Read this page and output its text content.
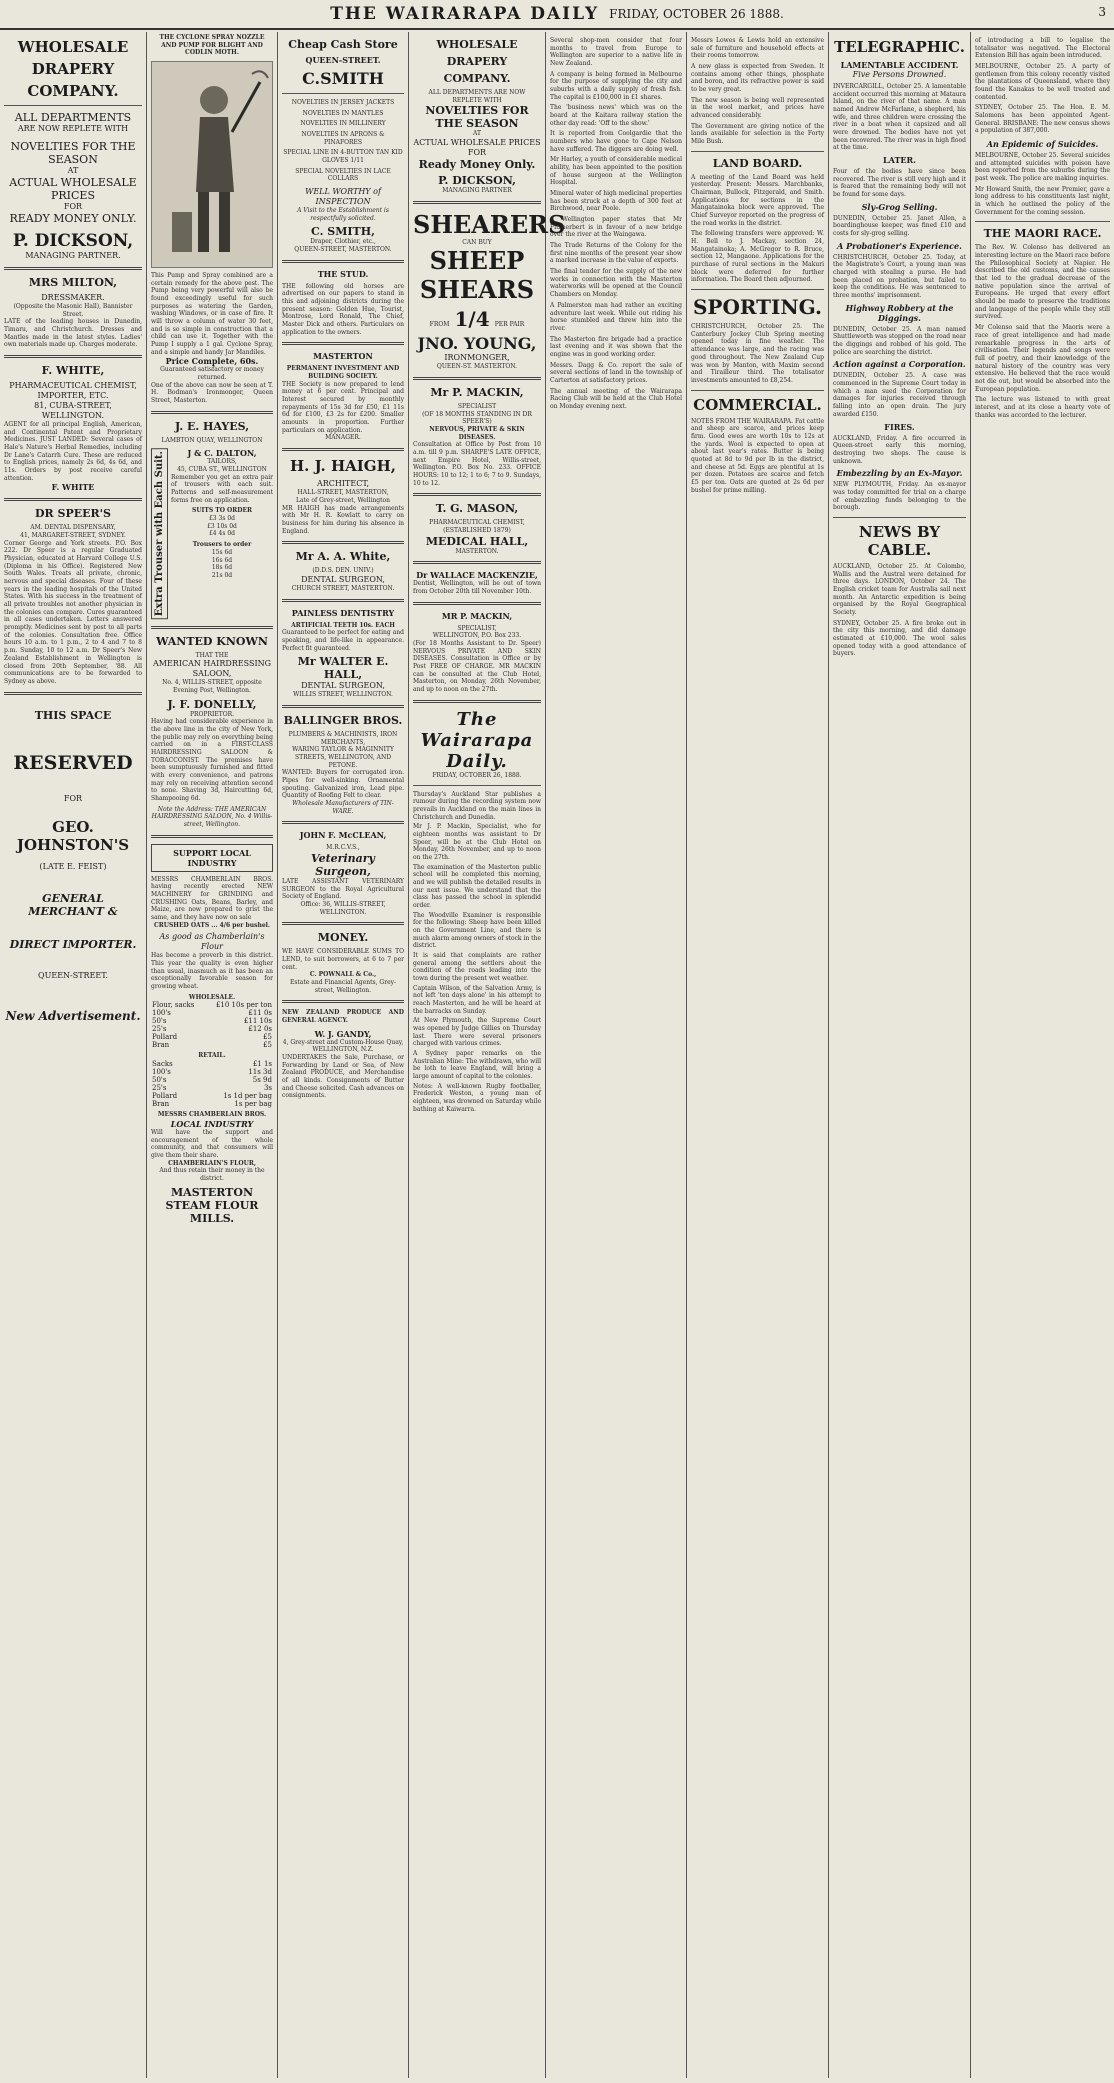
THE WAIRARAPA DAILY FRIDAY, OCTOBER 26 1888.	3
WHOLESALE
DRAPERY
COMPANY.
ALL DEPARTMENTS
ARE NOW REPLETE WITH
NOVELTIES FOR THE
SEASON
AT
ACTUAL WHOLESALE
PRICES
FOR
READY MONEY ONLY.
P. DICKSON,
MANAGING PARTNER.
MRS MILTON,
DRESSMAKER.
(Opposite the Masonic Hall), Bannister Street.
LATE of the leading houses in Dunedin, Timaru, and Christchurch. Dresses and Mantles made in the latest styles. Ladies' own materials made up. Charges moderate.
F. WHITE,
PHARMACEUTICAL CHEMIST,
IMPORTER, ETC.
81, CUBA-STREET, WELLINGTON.
AGENT for all principal English, American, and Continental Patent and Proprietary Medicines. JUST LANDED: Several cases of Hale's Nature's Herbal Remedies, including Dr Lane's Catarrh Cure. These are reduced to English prices, namely 2s 6d, 4s 6d, and 11s. Orders by post receive careful attention.
F. WHITE
DR SPEER'S
AM. DENTAL DISPENSARY,
41, MARGARET-STREET, SYDNEY.
Corner George and York streets. P.O. Box 222. Dr Speer is a regular Graduated Physician, educated at Harvard College U.S. (Diploma in his Office). Registered New South Wales. Treats all private, chronic, nervous and special diseases. Four of these years in the leading hospitals of the United States. With his success in the treatment of all private troubles not another physician in the colonies can compare. Cures guaranteed in all cases undertaken. Letters answered promptly. Medicines sent by post to all parts of the colonies. Consultation free. Office hours 10 a.m. to 1 p.m., 2 to 4 and 7 to 8 p.m. Sunday, 10 to 12 a.m. Dr Speer's New Zealand Establishment in Wellington is closed from 20th September, '88. All communications are to be forwarded to Sydney as above.
THIS SPACE
RESERVED
FOR
GEO. JOHNSTON'S
(LATE E. FEIST)
GENERAL MERCHANT &
DIRECT IMPORTER.
QUEEN-STREET.
New Advertisement.
THE CYCLONE SPRAY NOZZLE AND PUMP FOR BLIGHT AND CODLIN MOTH.
This Pump and Spray combined are a certain remedy for the above pest. The Pump being very powerful will also be found exceedingly useful for such purposes as watering the Garden, washing Windows, or in case of fire. It will throw a column of water 30 feet, and is so simple in construction that a child can use it. Together with the Pump I supply a 1 gal. Cyclone Spray, and a simple and handy Jar Mandiles.
Price Complete, 60s.
Guaranteed satisfactory or money returned.
One of the above can now be seen at T. H. Bodman's Ironmonger, Queen Street, Masterton.
J. E. HAYES,
LAMBTON QUAY, WELLINGTON
Extra Trouser with Each Suit.	J & C. DALTON,
TAILORS,
45, CUBA ST., WELLINGTON
Remember you get an extra pair of trousers with each suit. Patterns and self-measurement forms free on application.
SUITS TO ORDER
£3 3s 0d
£3 10s 0d
£4 4s 0d
Trousers to order
15s 6d
16s 6d
18s 6d
21s 0d
WANTED KNOWN
THAT THE
AMERICAN HAIRDRESSING SALOON,
No. 4, WILLIS-STREET, opposite Evening Post, Wellington.
J. F. DONELLY,
PROPRIETOR.
Having had considerable experience in the above line in the city of New York, the public may rely on everything being carried on in a FIRST-CLASS HAIRDRESSING SALOON & TOBACCONIST. The premises have been sumptuously furnished and fitted with every convenience, and patrons may rely on receiving attention second to none. Shaving 3d, Haircutting 6d, Shampooing 6d.
Note the Address: THE AMERICAN HAIRDRESSING SALOON, No. 4 Willis-street, Wellington.
SUPPORT LOCAL INDUSTRY
MESSRS CHAMBERLAIN BROS. having recently erected NEW MACHINERY for GRINDING and CRUSHING Oats, Beans, Barley, and Maize, are now prepared to grist the same, and they have now on sale
CRUSHED OATS ... 4/6 per bushel.
As good as Chamberlain's Flour
Has become a proverb in this district. This year the quality is even higher than usual, inasmuch as it has been an exceptionally favorable season for growing wheat.
WHOLESALE.
Flour, sacks	£10 10s per ton
100's	£11 0s
50's	£11 10s
25's	£12 0s
Pollard	£5
Bran	£5
RETAIL.
Sacks	£1 1s
100's	11s 3d
50's	5s 9d
25's	3s
Pollard	1s 1d per bag
Bran	1s per bag
MESSRS CHAMBERLAIN BROS.
LOCAL INDUSTRY
Will have the support and encouragement of the whole community, and that consumers will give them their share.
CHAMBERLAIN'S FLOUR,
And thus retain their money in the district.
MASTERTON
STEAM FLOUR MILLS.
Cheap Cash Store
QUEEN-STREET.
C.SMITH
NOVELTIES IN JERSEY JACKETS
NOVELTIES IN MANTLES
NOVELTIES IN MILLINERY
NOVELTIES IN APRONS & PINAFORES
SPECIAL LINE IN 4-BUTTON TAN KID GLOVES 1/11
SPECIAL NOVELTIES IN LACE COLLARS
WELL WORTHY of INSPECTION
A Visit to the Establishment is respectfully solicited.
C. SMITH,
Draper, Clothier, etc.,
QUEEN-STREET, MASTERTON.
THE STUD.
THE following old horses are advertised on our papers to stand in this and adjoining districts during the present season: Golden Hue, Tourist, Montrose, Lord Ronald, The Chief, Master Dick and others. Particulars on application to the owners.
MASTERTON
PERMANENT INVESTMENT AND BUILDING SOCIETY.
THE Society is now prepared to lend money at 6 per cent. Principal and Interest secured by monthly repayments of 15s 3d for £50, £1 11s 6d for £100, £3 2s for £200. Smaller amounts in proportion. Further particulars on application.
MANAGER.
H. J. HAIGH,
ARCHITECT,
HALL-STREET, MASTERTON,
Late of Grey-street, Wellington
MR HAIGH has made arrangements with Mr H. R. Kowlatt to carry on business for him during his absence in England.
Mr A. A. White,
(D.D.S. DEN. UNIV.)
DENTAL SURGEON,
CHURCH STREET, MASTERTON.
PAINLESS DENTISTRY
ARTIFICIAL TEETH 10s. EACH
Guaranteed to be perfect for eating and speaking, and life-like in appearance. Perfect fit guaranteed.
Mr WALTER E. HALL,
DENTAL SURGEON,
WILLIS STREET, WELLINGTON.
BALLINGER BROS.
PLUMBERS & MACHINISTS, IRON MERCHANTS,
WARING TAYLOR & MAGINNITY STREETS, WELLINGTON, AND PETONE.
WANTED: Buyers for corrugated iron. Pipes for well-sinking. Ornamental spouting. Galvanized iron, Lead pipe. Quantity of Roofing Felt to clear.
Wholesale Manufacturers of TIN-WARE.
JOHN F. McCLEAN,
M.R.C.V.S.,
Veterinary Surgeon,
LATE ASSISTANT VETERINARY SURGEON to the Royal Agricultural Society of England.
Office: 36, WILLIS-STREET, WELLINGTON.
MONEY.
WE HAVE CONSIDERABLE SUMS TO LEND, to suit borrowers, at 6 to 7 per cent.
C. POWNALL & Co.,
Estate and Financial Agents, Grey-street, Wellington.
NEW ZEALAND PRODUCE AND GENERAL AGENCY.
W. J. GANDY,
4, Grey-street and Custom-House Quay, WELLINGTON, N.Z.
UNDERTAKES the Sale, Purchase, or Forwarding by Land or Sea, of New Zealand PRODUCE, and Merchandise of all kinds. Consignments of Butter and Cheese solicited. Cash advances on consignments.
WHOLESALE
DRAPERY
COMPANY.
ALL DEPARTMENTS ARE NOW REPLETE WITH
NOVELTIES FOR THE SEASON
AT
ACTUAL WHOLESALE PRICES FOR
Ready Money Only.
P. DICKSON,
MANAGING PARTNER
SHEARERS
CAN BUY
SHEEP
SHEARS
FROM 1/4 PER PAIR
JNO. YOUNG,
IRONMONGER,
QUEEN-ST. MASTERTON.
Mr P. MACKIN,
SPECIALIST
(OF 18 MONTHS STANDING IN DR SPEER'S)
NERVOUS, PRIVATE & SKIN DISEASES.
Consultation at Office by Post from 10 a.m. till 9 p.m. SHARPE'S LATE OFFICE, next Empire Hotel, Willis-street, Wellington. P.O. Box No. 233. OFFICE HOURS: 10 to 12; 1 to 6; 7 to 9. Sundays, 10 to 12.
T. G. MASON,
PHARMACEUTICAL CHEMIST,
(ESTABLISHED 1879)
MEDICAL HALL,
MASTERTON.
Dr WALLACE MACKENZIE,
Dentist, Wellington, will be out of town from October 20th till November 10th.
MR P. MACKIN,
SPECIALIST,
WELLINGTON, P.O. Box 233.
(For 18 Months Assistant to Dr. Speer) NERVOUS PRIVATE AND SKIN DISEASES. Consultation in Office or by Post FREE OF CHARGE. MR MACKIN can be consulted at the Club Hotel, Masterton, on Monday, 26th November, and up to noon on the 27th.
The Wairarapa Daily.
FRIDAY, OCTOBER 26, 1888.

Thursday's Auckland Star publishes a rumour during the recording system now prevails in Auckland on the main lines in Christchurch and Dunedin.

Mr J. P. Mackin, Specialist, who for eighteen months was assistant to Dr Speer, will be at the Club Hotel on Monday, 26th November, and up to noon on the 27th.

The examination of the Masterton public school will be completed this morning, and we will publish the detailed results in our next issue. We understand that the class has passed the school in splendid order.

The Woodville Examiner is responsible for the following: Sheep have been killed on the Government Line, and there is much alarm among owners of stock in the district.

It is said that complaints are rather general among the settlers about the condition of the roads leading into the town during the present wet weather.

Captain Wilson, of the Salvation Army, is not left 'ten days alone' in his attempt to reach Masterton, and he will be heard at the barracks on Sunday.

At New Plymouth, the Supreme Court was opened by Judge Gillies on Thursday last. There were several prisoners charged with various crimes.

A Sydney paper remarks on the Australian Mine: The withdrawn, who will be loth to leave England, will bring a large amount of capital to the colonies.

Notes: A well-known Rugby footballer, Frederick Weston, a young man of eighteen, was drowned on Saturday while bathing at Kaiwarra.

Several shop-men consider that four months to travel from Europe to Wellington are superior to a native life in New Zealand.

A company is being formed in Melbourne for the purpose of supplying the city and suburbs with a daily supply of fresh fish. The capital is £100,000 in £1 shares.

The 'business news' which was on the board at the Kaitara railway station the other day read: 'Off to the show.'

It is reported from Coolgardie that the numbers who have gone to Cape Nelson have suffered. The diggers are doing well.

Mr Harley, a youth of considerable medical ability, has been appointed to the position of house surgeon at the Wellington Hospital.

Mineral water of high medicinal properties has been struck at a depth of 300 feet at Birchwood, near Poole.

A Wellington paper states that Mr Fitzherbert is in favour of a new bridge over the river at the Waingawa.

The Trade Returns of the Colony for the first nine months of the present year show a marked increase in the value of exports.

The final tender for the supply of the new works in connection with the Masterton waterworks will be opened at the Council Chambers on Monday.

A Palmerston man had rather an exciting adventure last week. While out riding his horse stumbled and threw him into the river.

The Masterton fire brigade had a practice last evening and it was shown that the engine was in good working order.

Messrs. Dagg & Co. report the sale of several sections of land in the township of Carterton at satisfactory prices.

The annual meeting of the Wairarapa Racing Club will be held at the Club Hotel on Monday evening next.

Messrs Lowes & Lewis hold an extensive sale of furniture and household effects at their rooms tomorrow.

A new glass is expected from Sweden. It contains among other things, phosphate and boron, and its refractive power is said to be very great.

The new season is being well represented in the wool market, and prices have advanced considerably.

The Government are giving notice of the lands available for selection in the Forty Mile Bush.

LAND BOARD.

A meeting of the Land Board was held yesterday. Present: Messrs. Marchbanks, Chairman, Bullock, Fitzgerald, and Smith. Applications for sections in the Mangatainoka block were approved. The Chief Surveyor reported on the progress of the road works in the district.

The following transfers were approved: W. H. Bell to J. Mackay, section 24, Mangatainoka; A. McGregor to R. Bruce, section 12, Mangaone. Applications for the purchase of rural sections in the Makuri block were deferred for further information. The Board then adjourned.

SPORTING.

CHRISTCHURCH, October 25. The Canterbury Jockey Club Spring meeting opened today in fine weather. The attendance was large, and the racing was good throughout. The New Zealand Cup was won by Manton, with Maxim second and Tirailleur third. The totalisator investments amounted to £8,254.

COMMERCIAL.

NOTES FROM THE WAIRARAPA. Fat cattle and sheep are scarce, and prices keep firm. Good ewes are worth 10s to 12s at the yards. Wool is expected to open at about last year's rates. Butter is being quoted at 8d to 9d per lb in the district, and cheese at 5d. Eggs are plentiful at 1s per dozen. Potatoes are scarce and fetch £5 per ton. Oats are quoted at 2s 6d per bushel for prime milling.

TELEGRAPHIC.
LAMENTABLE ACCIDENT.
Five Persons Drowned.

INVERCARGILL, October 25. A lamentable accident occurred this morning at Mataura Island, on the river of that name. A man named Andrew McFarlane, a shepherd, his wife, and three children were crossing the river in a boat when it capsized and all were drowned. The bodies have not yet been recovered. The river was in high flood at the time.

LATER.

Four of the bodies have since been recovered. The river is still very high and it is feared that the remaining body will not be found for some days.

Sly-Grog Selling.

DUNEDIN, October 25. Janet Allen, a boardinghouse keeper, was fined £10 and costs for sly-grog selling.

A Probationer's Experience.

CHRISTCHURCH, October 25. Today, at the Magistrate's Court, a young man was charged with stealing a purse. He had been placed on probation, but failed to keep the conditions. He was sentenced to three months' imprisonment.

Highway Robbery at the Diggings.

DUNEDIN, October 25. A man named Shuttleworth was stopped on the road near the diggings and robbed of his gold. The police are searching the district.

Action against a Corporation.

DUNEDIN, October 25. A case was commenced in the Supreme Court today in which a man sued the Corporation for damages for injuries received through falling into an open drain. The jury awarded £150.

FIRES.

AUCKLAND, Friday. A fire occurred in Queen-street early this morning, destroying two shops. The cause is unknown.

Embezzling by an Ex-Mayor.

NEW PLYMOUTH, Friday. An ex-mayor was today committed for trial on a charge of embezzling funds belonging to the borough.

NEWS BY CABLE.

AUCKLAND, October 25. At Colombo, Wallis and the Austral were detained for three days. LONDON, October 24. The English cricket team for Australia sail next month. An Antarctic expedition is being organised by the Royal Geographical Society.

SYDNEY, October 25. A fire broke out in the city this morning, and did damage estimated at £10,000. The wool sales opened today with a good attendance of buyers.

of introducing a bill to legalise the totalisator was negatived. The Electoral Extension Bill has again been introduced.

MELBOURNE, October 25. A party of gentlemen from this colony recently visited the plantations of Queensland, where they found the Kanakas to be well treated and contented.

SYDNEY, October 25. The Hon. E. M. Salomons has been appointed Agent-General. BRISBANE: The new census shows a population of 387,000.

An Epidemic of Suicides.

MELBOURNE, October 25. Several suicides and attempted suicides with poison have been reported from the suburbs during the past week. The police are making inquiries.

Mr Howard Smith, the new Premier, gave a long address to his constituents last night, in which he outlined the policy of the Government for the coming session.

THE MAORI RACE.

The Rev. W. Colenso has delivered an interesting lecture on the Maori race before the Philosophical Society at Napier. He described the old customs, and the causes that led to the gradual decrease of the native population since the arrival of Europeans. He urged that every effort should be made to preserve the traditions and language of the people while they still survived.

Mr Colenso said that the Maoris were a race of great intelligence and had made remarkable progress in the arts of civilisation. Their legends and songs were full of poetry, and their knowledge of the natural history of the country was very extensive. He believed that the race would not die out, but would be absorbed into the European population.

The lecture was listened to with great interest, and at its close a hearty vote of thanks was accorded to the lecturer.
